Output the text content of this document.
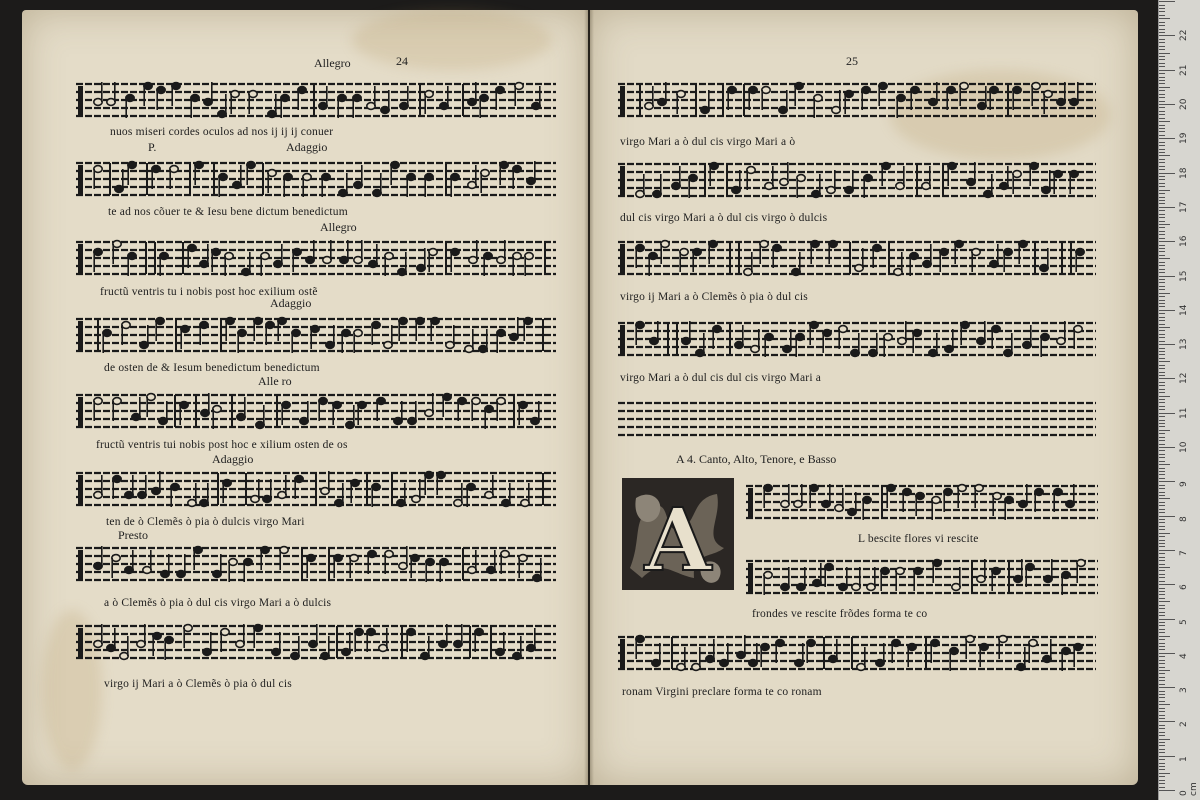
24	25
Allegro
nuos miseri cordes oculos ad nos ij ij ij conuer
P.	Adaggio
te ad nos cõuer te & Iesu bene dictum benedictum
Allegro
fructũ ventris tu i nobis post hoc exilium ostẽ
Adaggio
de osten de & Iesum benedictum benedictum
Alle ro
fructũ ventris tui nobis post hoc e xilium osten de os
Adaggio
ten de ò Clemẽs ò pia ò dulcis virgo Mari
Presto
a ò Clemẽs ò pia ò dul cis virgo Mari a ò dulcis
virgo ij Mari a ò Clemẽs ò pia ò dul cis
virgo Mari a ò dul cis virgo Mari a ò
dul cis virgo Mari a ò dul cis virgo ò dulcis
virgo ij Mari a ò Clemẽs ò pia ò dul cis
virgo Mari a ò dul cis dul cis virgo Mari a
A 4. Canto, Alto, Tenore, e Basso
A	L bescite flores vi rescite
frondes ve rescite frõdes forma te co
ronam Virgini preclare forma te co ronam
22
21
20
19
18
17
16
15
14
13
12
11
10
9
8
7
6
5
4
3
2
1
0 cm
